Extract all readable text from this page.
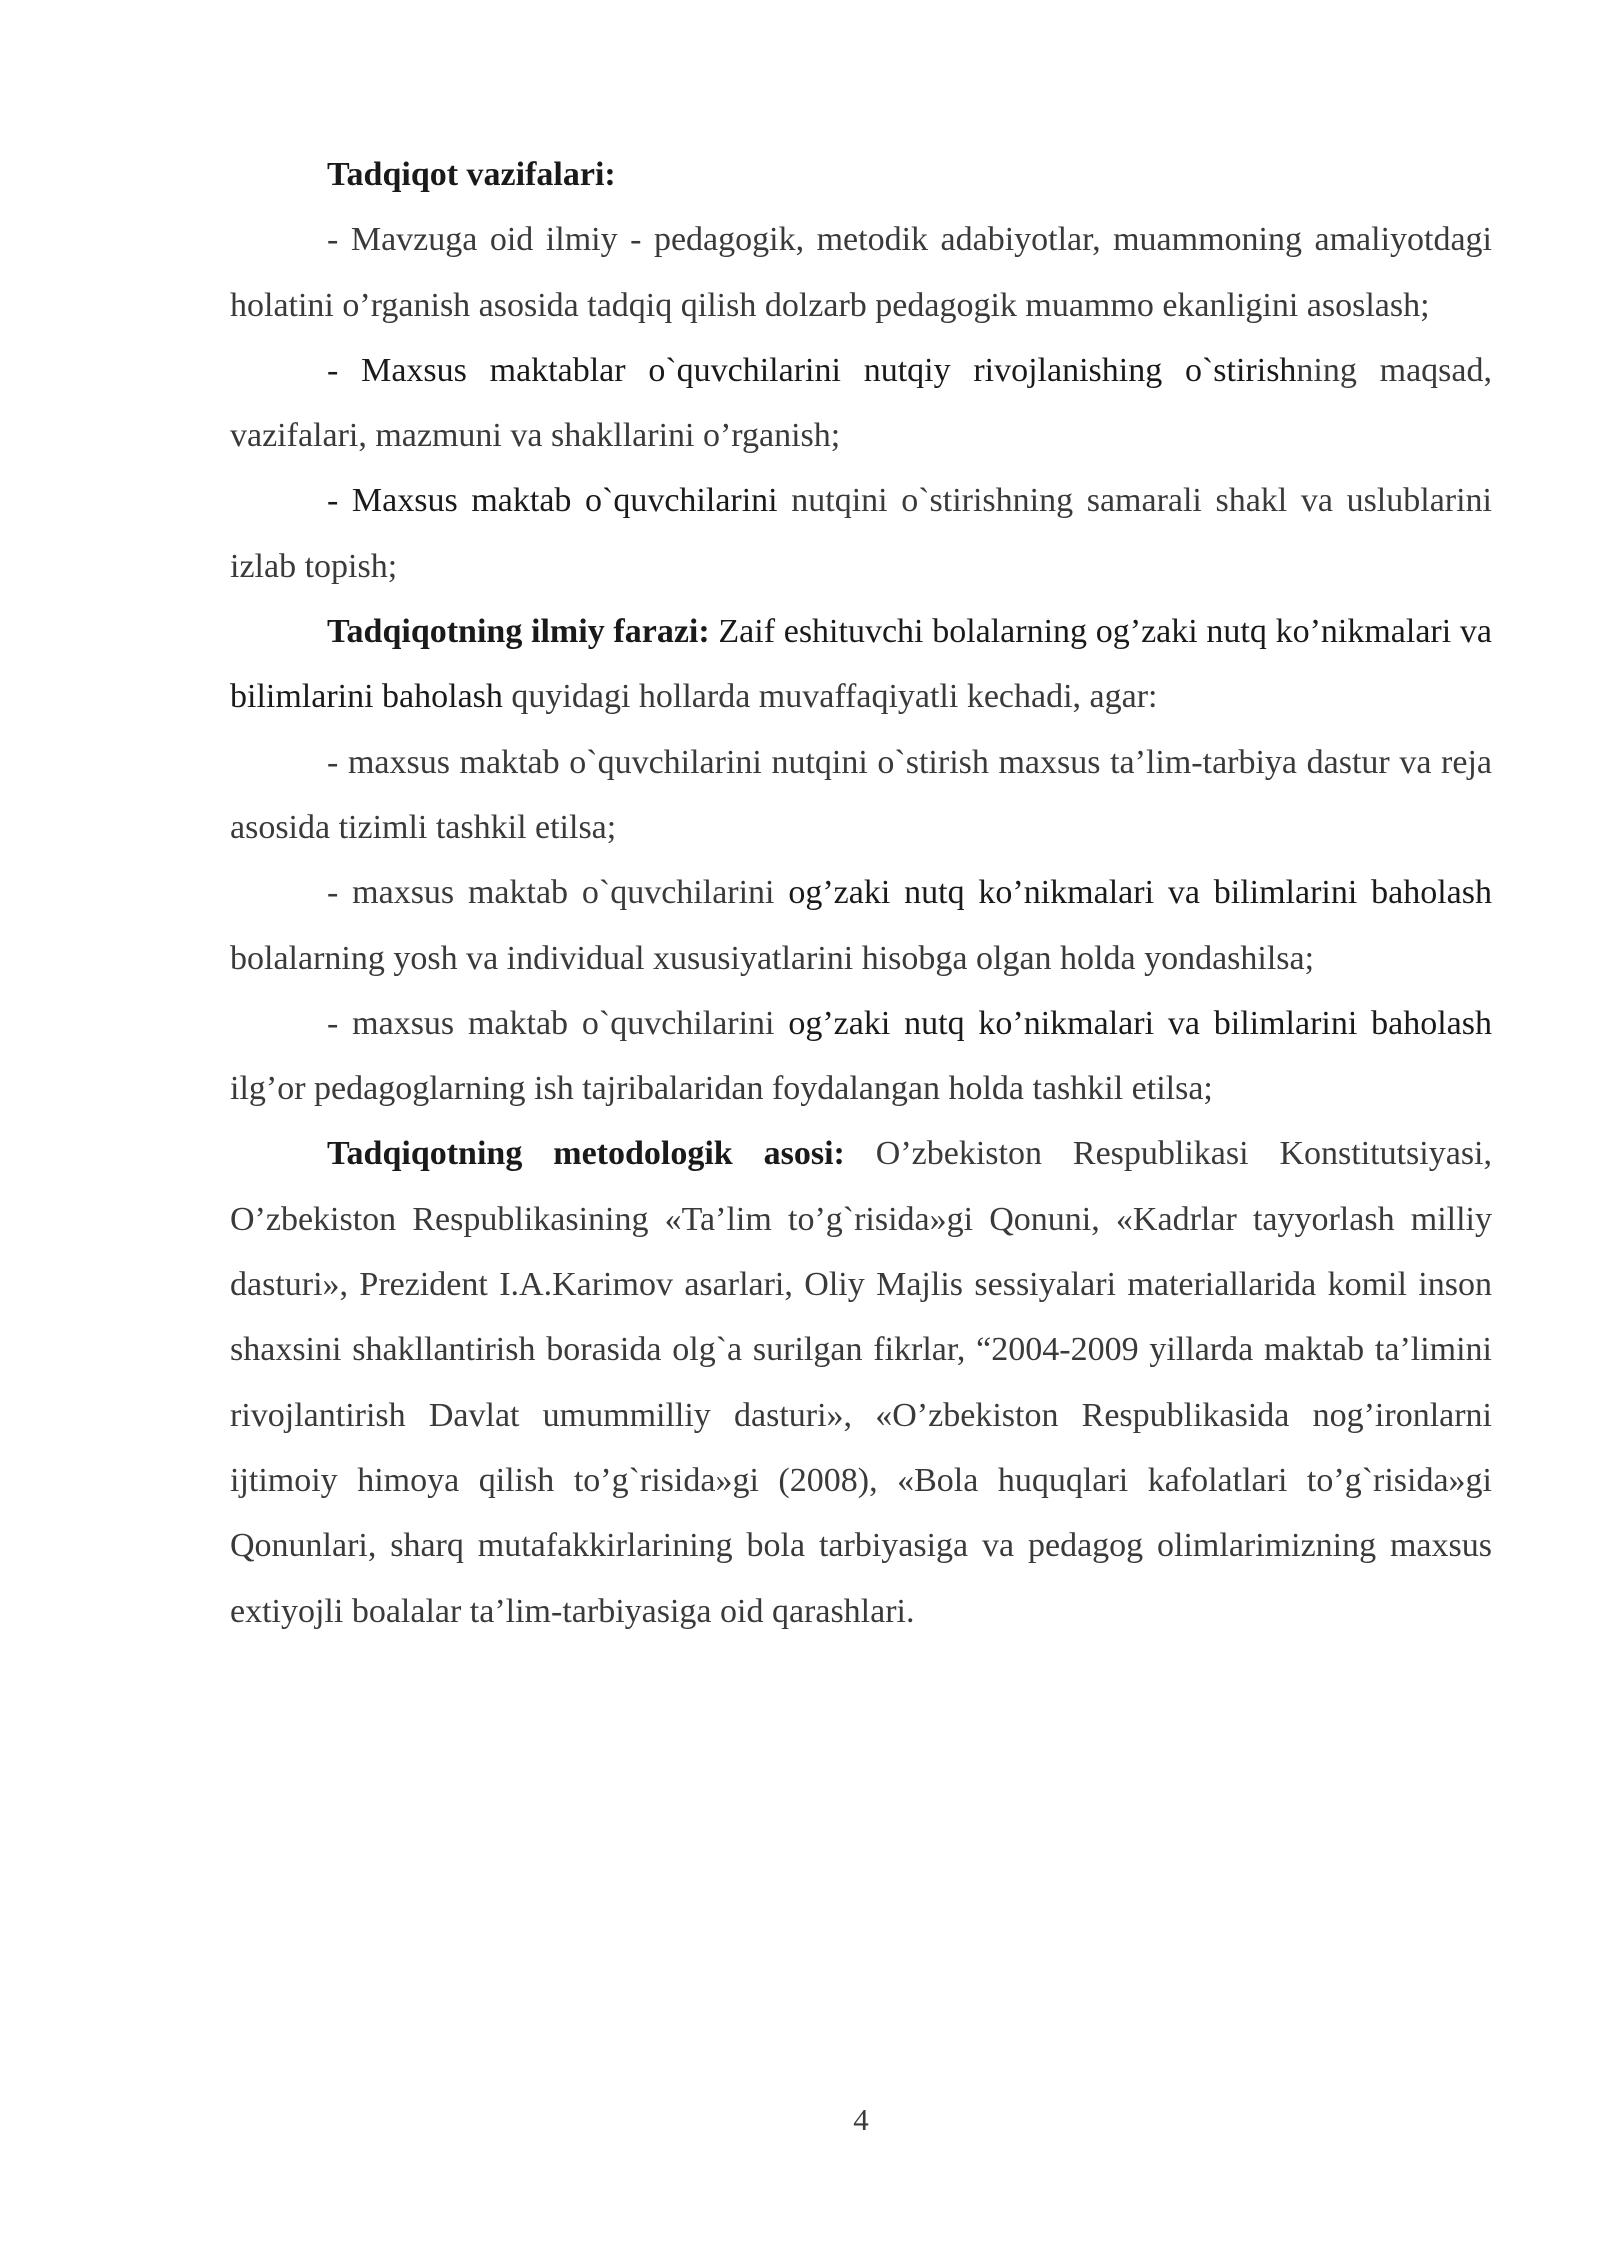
Tadqiqot vazifalari:

- Mavzuga oid ilmiy - pedagogik, metodik adabiyotlar, muammoning amaliyotdagi holatini o’rganish asosida tadqiq qilish dolzarb pedagogik muammo ekanligini asoslash;

- Maxsus maktablar o`quvchilarini nutqiy rivojlanishing o`stirishning maqsad, vazifalari, mazmuni va shakllarini o’rganish;

- Maxsus maktab o`quvchilarini nutqini o`stirishning samarali shakl va uslublarini izlab topish;

Tadqiqotning ilmiy farazi: Zaif eshituvchi bolalarning og’zaki nutq ko’nikmalari va bilimlarini baholash quyidagi hollarda muvaffaqiyatli kechadi, agar:

- maxsus maktab o`quvchilarini nutqini o`stirish maxsus ta’lim-tarbiya dastur va reja asosida tizimli tashkil etilsa;

- maxsus maktab o`quvchilarini og’zaki nutq ko’nikmalari va bilimlarini baholash bolalarning yosh va individual xususiyatlarini hisobga olgan holda yondashilsa;

- maxsus maktab o`quvchilarini og’zaki nutq ko’nikmalari va bilimlarini baholash ilg’or pedagoglarning ish tajribalaridan foydalangan holda tashkil etilsa;

Tadqiqotning metodologik asosi: O’zbekiston Respublikasi Konstitutsiyasi, O’zbekiston Respublikasining «Ta’lim to’g`risida»gi Qonuni, «Kadrlar tayyorlash milliy dasturi», Prezident I.A.Karimov asarlari, Oliy Majlis sessiyalari materiallarida komil inson shaxsini shakllantirish borasida olg`a surilgan fikrlar, “2004-2009 yillarda maktab ta’limini rivojlantirish Davlat umummilliy dasturi», «O’zbekiston Respublikasida nog’ironlarni ijtimoiy himoya qilish to’g`risida»gi (2008), «Bola huquqlari kafolatlari to’g`risida»gi Qonunlari, sharq mutafakkirlarining bola tarbiyasiga va pedagog olimlarimizning maxsus extiyojli boalalar ta’lim-tarbiyasiga oid qarashlari.

4
